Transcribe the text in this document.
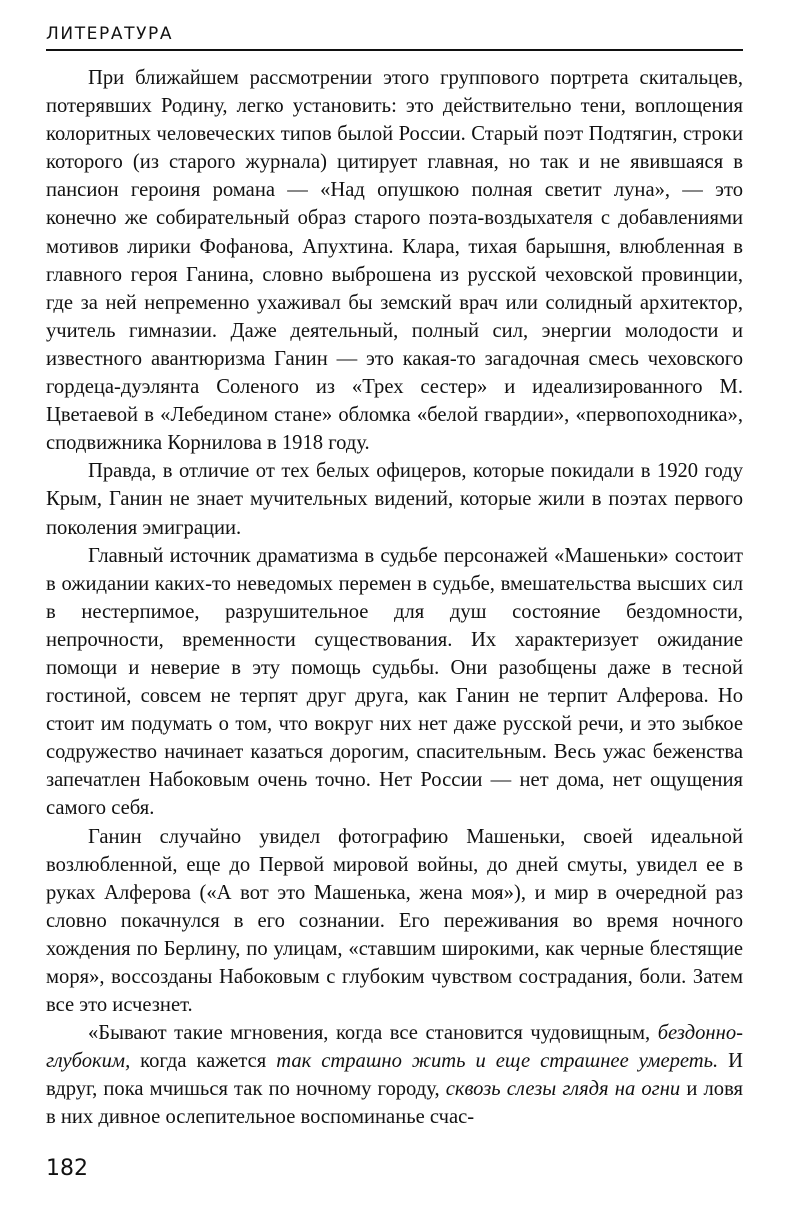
ЛИТЕРАТУРА

При ближайшем рассмотрении этого группового портрета скитальцев, потерявших Родину, легко установить: это действительно тени, воплощения колоритных человеческих типов былой России. Старый поэт Подтягин, строки которого (из старого журнала) цитирует главная, но так и не явившаяся в пансион героиня романа — «Над опушкою полная светит луна», — это конечно же собирательный образ старого поэта-воздыхателя с добавлениями мотивов лирики Фофанова, Апухтина. Клара, тихая барышня, влюбленная в главного героя Ганина, словно выброшена из русской чеховской провинции, где за ней непременно ухаживал бы земский врач или солидный архитектор, учитель гимназии. Даже деятельный, полный сил, энергии молодости и известного авантюризма Ганин — это какая-то загадочная смесь чеховского гордеца-дуэлянта Соленого из «Трех сестер» и идеализированного М. Цветаевой в «Лебедином стане» обломка «белой гвардии», «первопоходника», сподвижника Корнилова в 1918 году.

Правда, в отличие от тех белых офицеров, которые покидали в 1920 году Крым, Ганин не знает мучительных видений, которые жили в поэтах первого поколения эмиграции.

Главный источник драматизма в судьбе персонажей «Машеньки» состоит в ожидании каких-то неведомых перемен в судьбе, вмешательства высших сил в нестерпимое, разрушительное для душ состояние бездомности, непрочности, временности существования. Их характеризует ожидание помощи и неверие в эту помощь судьбы. Они разобщены даже в тесной гостиной, совсем не терпят друг друга, как Ганин не терпит Алферова. Но стоит им подумать о том, что вокруг них нет даже русской речи, и это зыбкое содружество начинает казаться дорогим, спасительным. Весь ужас беженства запечатлен Набоковым очень точно. Нет России — нет дома, нет ощущения самого себя.

Ганин случайно увидел фотографию Машеньки, своей идеальной возлюбленной, еще до Первой мировой войны, до дней смуты, увидел ее в руках Алферова («А вот это Машенька, жена моя»), и мир в очередной раз словно покачнулся в его сознании. Его переживания во время ночного хождения по Берлину, по улицам, «ставшим широкими, как черные блестящие моря», воссозданы Набоковым с глубоким чувством сострадания, боли. Затем все это исчезнет.

«Бывают такие мгновения, когда все становится чудовищным, бездонно-глубоким, когда кажется так страшно жить и еще страшнее умереть. И вдруг, пока мчишься так по ночному городу, сквозь слезы глядя на огни и ловя в них дивное ослепительное воспоминанье счас-

182
